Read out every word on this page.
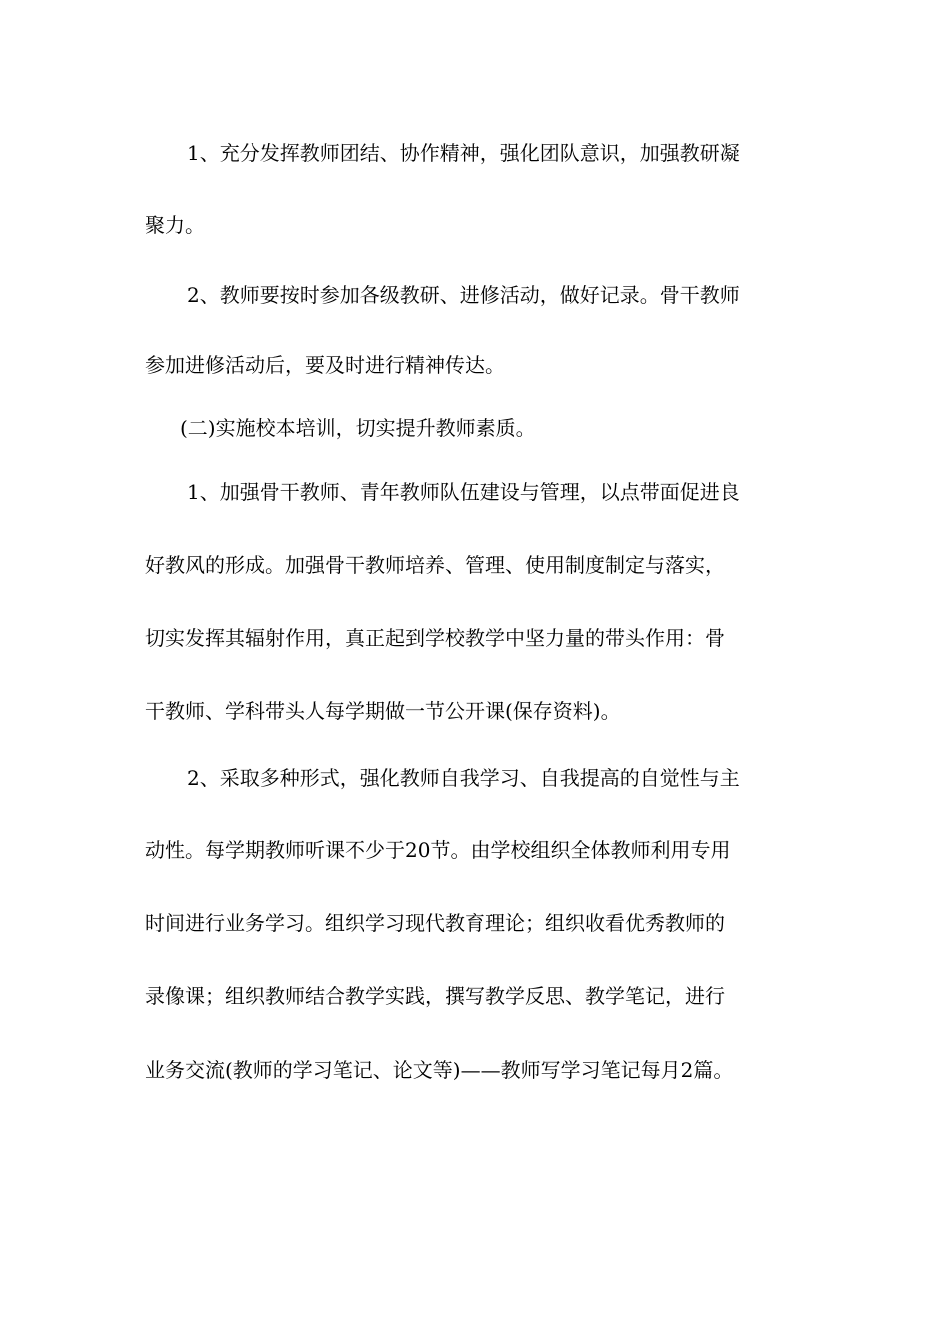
1、充分发挥教师团结、协作精神，强化团队意识，加强教研凝
聚力。
2、教师要按时参加各级教研、进修活动，做好记录。骨干教师
参加进修活动后，要及时进行精神传达。
(二)实施校本培训，切实提升教师素质。
1、加强骨干教师、青年教师队伍建设与管理，以点带面促进良
好教风的形成。加强骨干教师培养、管理、使用制度制定与落实，
切实发挥其辐射作用，真正起到学校教学中坚力量的带头作用：骨
干教师、学科带头人每学期做一节公开课(保存资料)。
2、采取多种形式，强化教师自我学习、自我提高的自觉性与主
动性。每学期教师听课不少于20节。由学校组织全体教师利用专用
时间进行业务学习。组织学习现代教育理论；组织收看优秀教师的
录像课；组织教师结合教学实践，撰写教学反思、教学笔记，进行
业务交流(教师的学习笔记、论文等)——教师写学习笔记每月2篇。
